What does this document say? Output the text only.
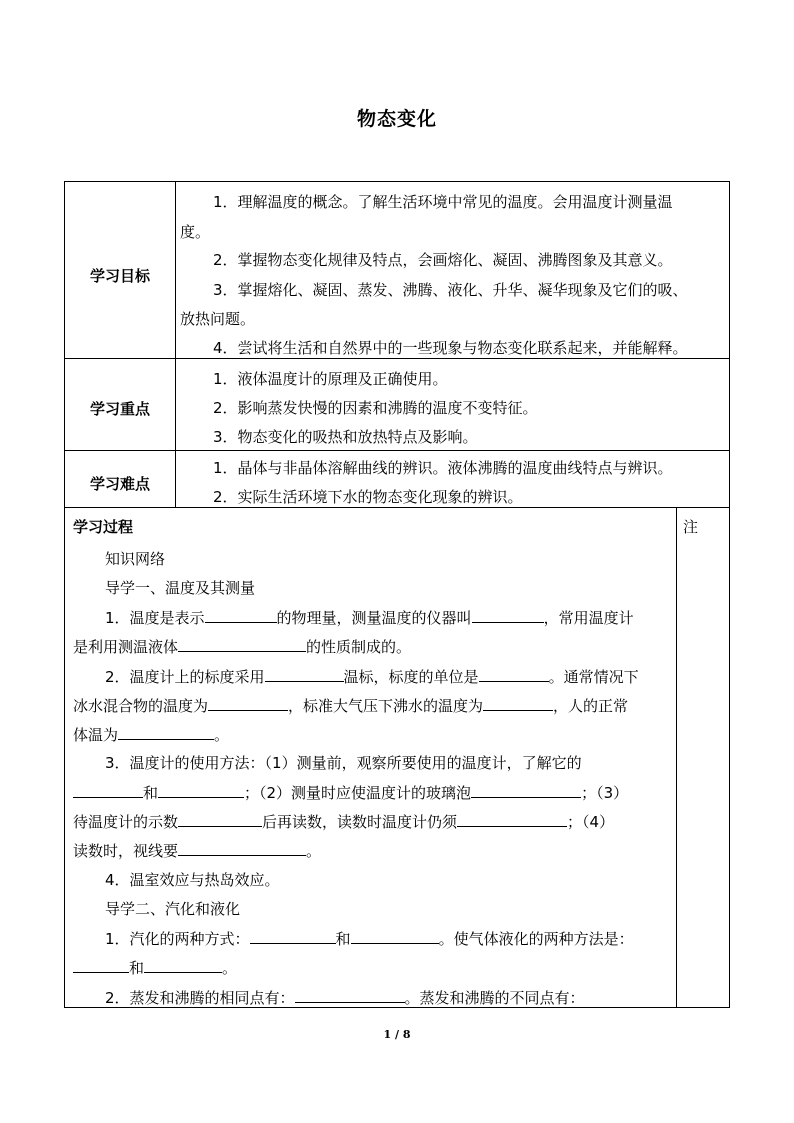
物态变化
学习目标
1．理解温度的概念。了解生活环境中常见的温度。会用温度计测量温
度。
2．掌握物态变化规律及特点，会画熔化、凝固、沸腾图象及其意义。
3．掌握熔化、凝固、蒸发、沸腾、液化、升华、凝华现象及它们的吸、
放热问题。
4．尝试将生活和自然界中的一些现象与物态变化联系起来，并能解释。
学习重点
1．液体温度计的原理及正确使用。
2．影响蒸发快慢的因素和沸腾的温度不变特征。
3．物态变化的吸热和放热特点及影响。
学习难点
1．晶体与非晶体溶解曲线的辨识。液体沸腾的温度曲线特点与辨识。
2．实际生活环境下水的物态变化现象的辨识。
学习过程	注
知识网络
导学一、温度及其测量
1．温度是表示	的物理量，测量温度的仪器叫	，常用温度计
是利用测温液体	的性质制成的。
2．温度计上的标度采用	温标，标度的单位是	。通常情况下
冰水混合物的温度为	，标准大气压下沸水的温度为	，人的正常
体温为	。
3．温度计的使用方法：（1）测量前，观察所要使用的温度计，了解它的
和	；（2）测量时应使温度计的玻璃泡	；（3）
待温度计的示数	后再读数，读数时温度计仍须	；（4）
读数时，视线要	。
4．温室效应与热岛效应。
导学二、汽化和液化
1．汽化的两种方式：	和	。使气体液化的两种方法是：
和	。
2．蒸发和沸腾的相同点有：	。蒸发和沸腾的不同点有：
1 / 8
